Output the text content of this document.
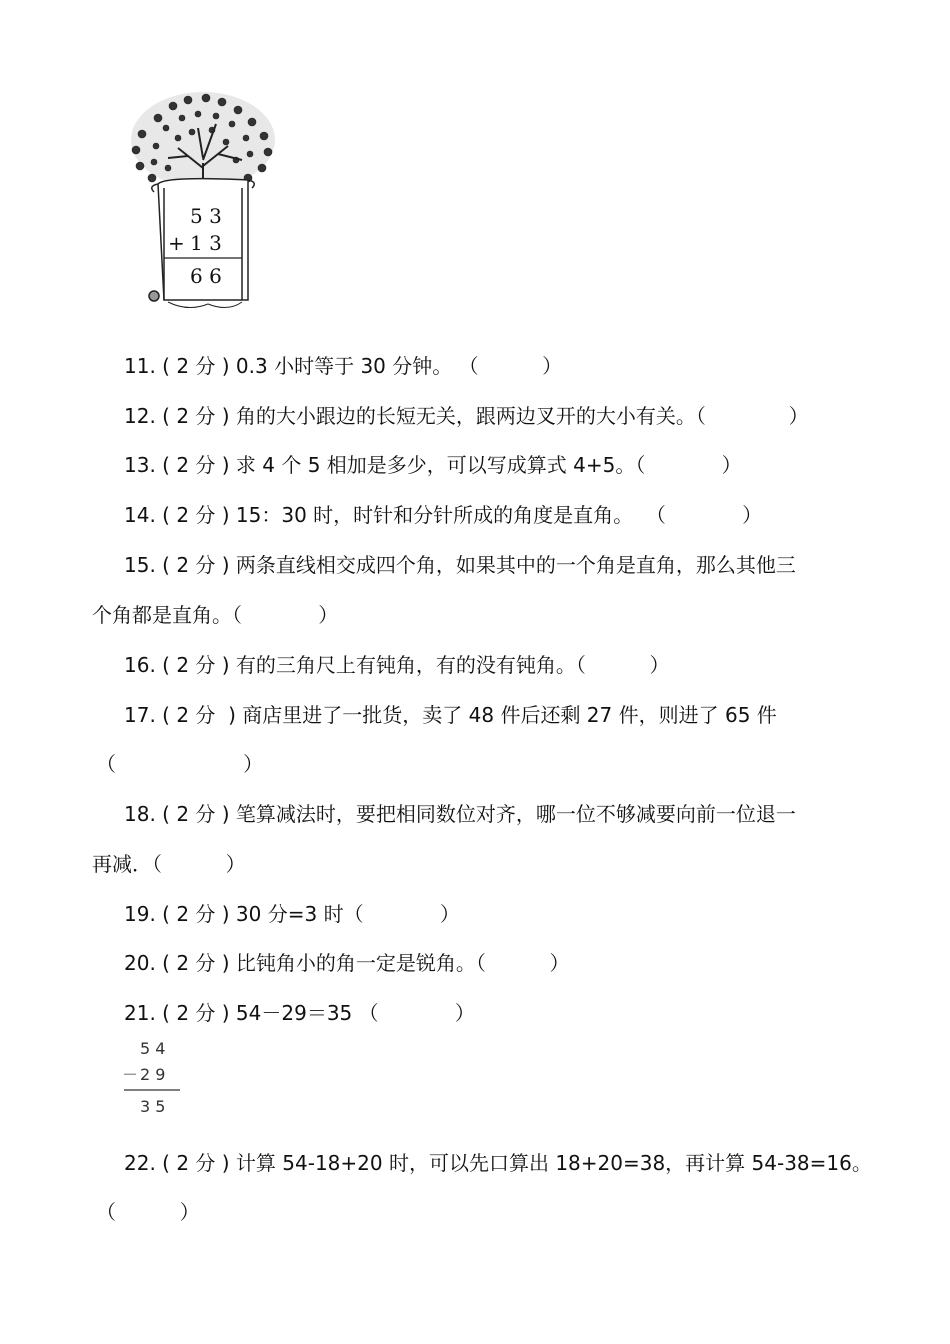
5 3
+ 1 3
6 6
11. ( 2 分 ) 0.3 小时等于 30 分钟。 （          ）
12. ( 2 分 ) 角的大小跟边的长短无关，跟两边叉开的大小有关。（             ）
13. ( 2 分 ) 求 4 个 5 相加是多少，可以写成算式 4+5。（            ）
14. ( 2 分 ) 15：30 时，时针和分针所成的角度是直角。  （            ）
15. ( 2 分 ) 两条直线相交成四个角，如果其中的一个角是直角，那么其他三
个角都是直角。（            ）
16. ( 2 分 ) 有的三角尺上有钝角，有的没有钝角。（          ）
17. ( 2 分  ) 商店里进了一批货，卖了 48 件后还剩 27 件，则进了 65 件
（                    ）
18. ( 2 分 ) 笔算减法时，要把相同数位对齐，哪一位不够减要向前一位退一
再减．（          ）
19. ( 2 分 ) 30 分=3 时（            ）
20. ( 2 分 ) 比钝角小的角一定是锐角。（          ）
21. ( 2 分 ) 54－29＝35 （            ）
5 4
－ 2 9
3 5
22. ( 2 分 ) 计算 54-18+20 时，可以先口算出 18+20=38，再计算 54-38=16。
（          ）
